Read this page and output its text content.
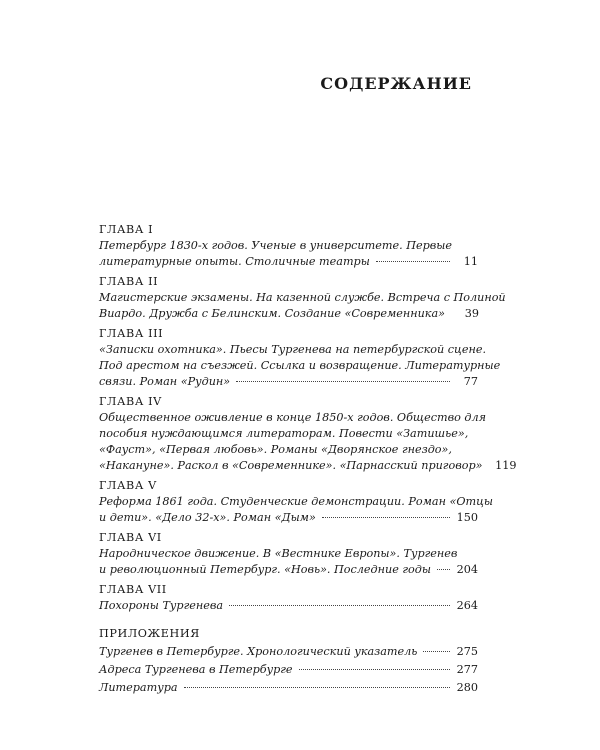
СОДЕРЖАНИЕ
ГЛАВА I
Петербург 1830-х годов. Ученые в университете. Первые
литературные опыты. Столичные театры	11
ГЛАВА II
Магистерские экзамены. На казенной службе. Встреча с Полиной
Виардо. Дружба с Белинским. Создание «Современника»	39
ГЛАВА III
«Записки охотника». Пьесы Тургенева на петербургской сцене.
Под арестом на съезжей. Ссылка и возвращение. Литературные
связи. Роман «Рудин»	77
ГЛАВА IV
Общественное оживление в конце 1850-х годов. Общество для
пособия нуждающимся литераторам. Повести «Затишье»,
«Фауст», «Первая любовь». Романы «Дворянское гнездо»,
«Накануне». Раскол в «Современнике». «Парнасский приговор» 119
ГЛАВА V
Реформа 1861 года. Студенческие демонстрации. Роман «Отцы
и дети». «Дело 32-х». Роман «Дым»	150
ГЛАВА VI
Народническое движение. В «Вестнике Европы». Тургенев
и революционный Петербург. «Новь». Последние годы 204
ГЛАВА VII
Похороны Тургенева	264
ПРИЛОЖЕНИЯ
Тургенев в Петербурге. Хронологический указатель	275
Адреса Тургенева в Петербурге	277
Литература	280
